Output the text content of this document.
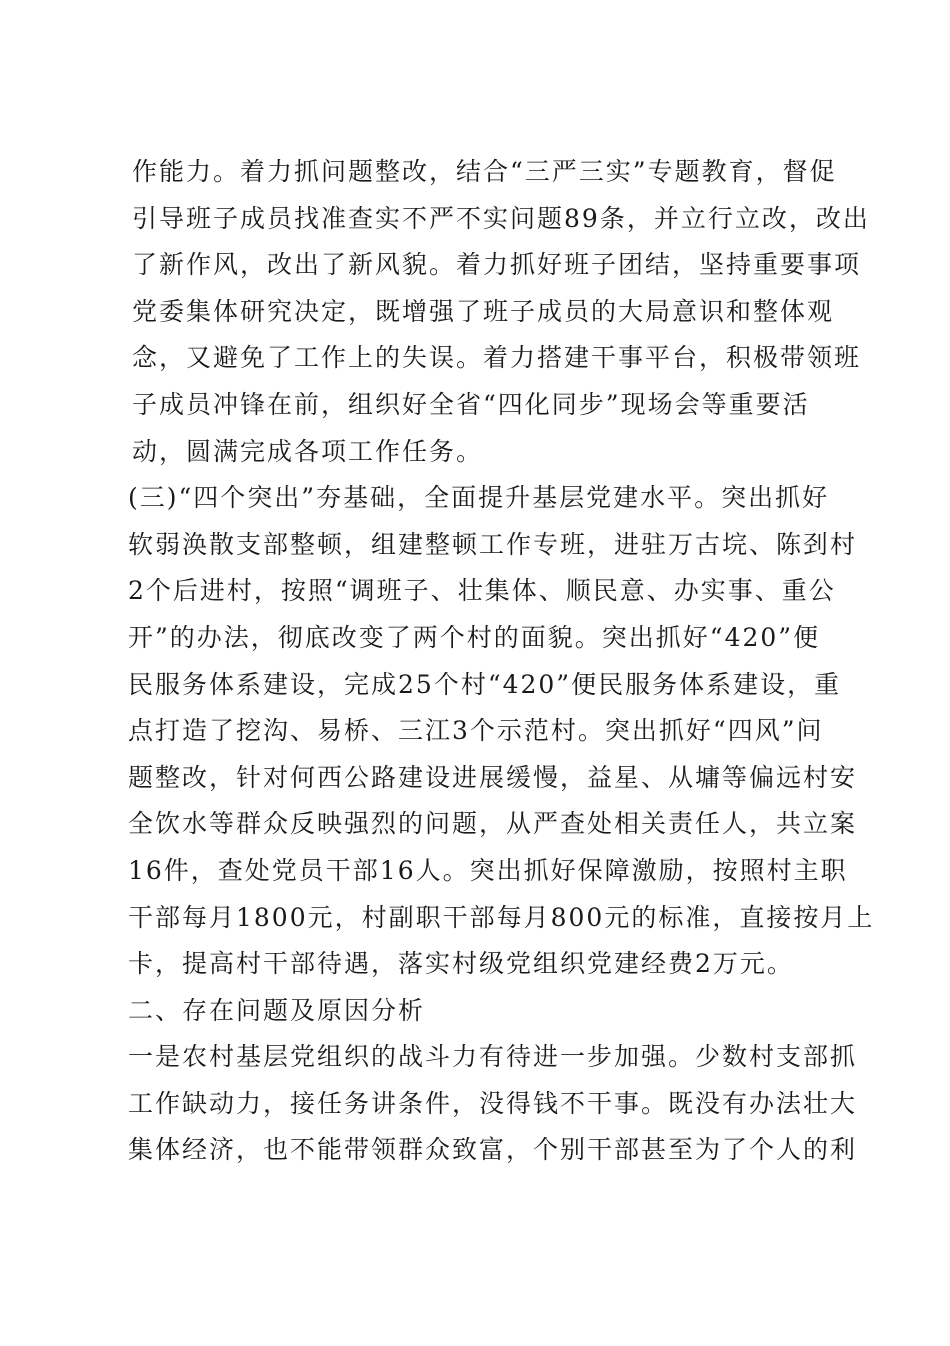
作能力。着力抓问题整改，结合“三严三实”专题教育，督促
引导班子成员找准查实不严不实问题89条，并立行立改，改出
了新作风，改出了新风貌。着力抓好班子团结，坚持重要事项
党委集体研究决定，既增强了班子成员的大局意识和整体观
念，又避免了工作上的失误。着力搭建干事平台，积极带领班
子成员冲锋在前，组织好全省“四化同步”现场会等重要活
动，圆满完成各项工作任务。
(三)“四个突出”夯基础，全面提升基层党建水平。突出抓好
软弱涣散支部整顿，组建整顿工作专班，进驻万古垸、陈刭村
2个后进村，按照“调班子、壮集体、顺民意、办实事、重公
开”的办法，彻底改变了两个村的面貌。突出抓好“420”便
民服务体系建设，完成25个村“420”便民服务体系建设，重
点打造了挖沟、易桥、三江3个示范村。突出抓好“四风”问
题整改，针对何西公路建设进展缓慢，益星、从墉等偏远村安
全饮水等群众反映强烈的问题，从严查处相关责任人，共立案
16件，查处党员干部16人。突出抓好保障激励，按照村主职
干部每月1800元，村副职干部每月800元的标准，直接按月上
卡，提高村干部待遇，落实村级党组织党建经费2万元。
二、存在问题及原因分析
一是农村基层党组织的战斗力有待进一步加强。少数村支部抓
工作缺动力，接任务讲条件，没得钱不干事。既没有办法壮大
集体经济，也不能带领群众致富，个别干部甚至为了个人的利
